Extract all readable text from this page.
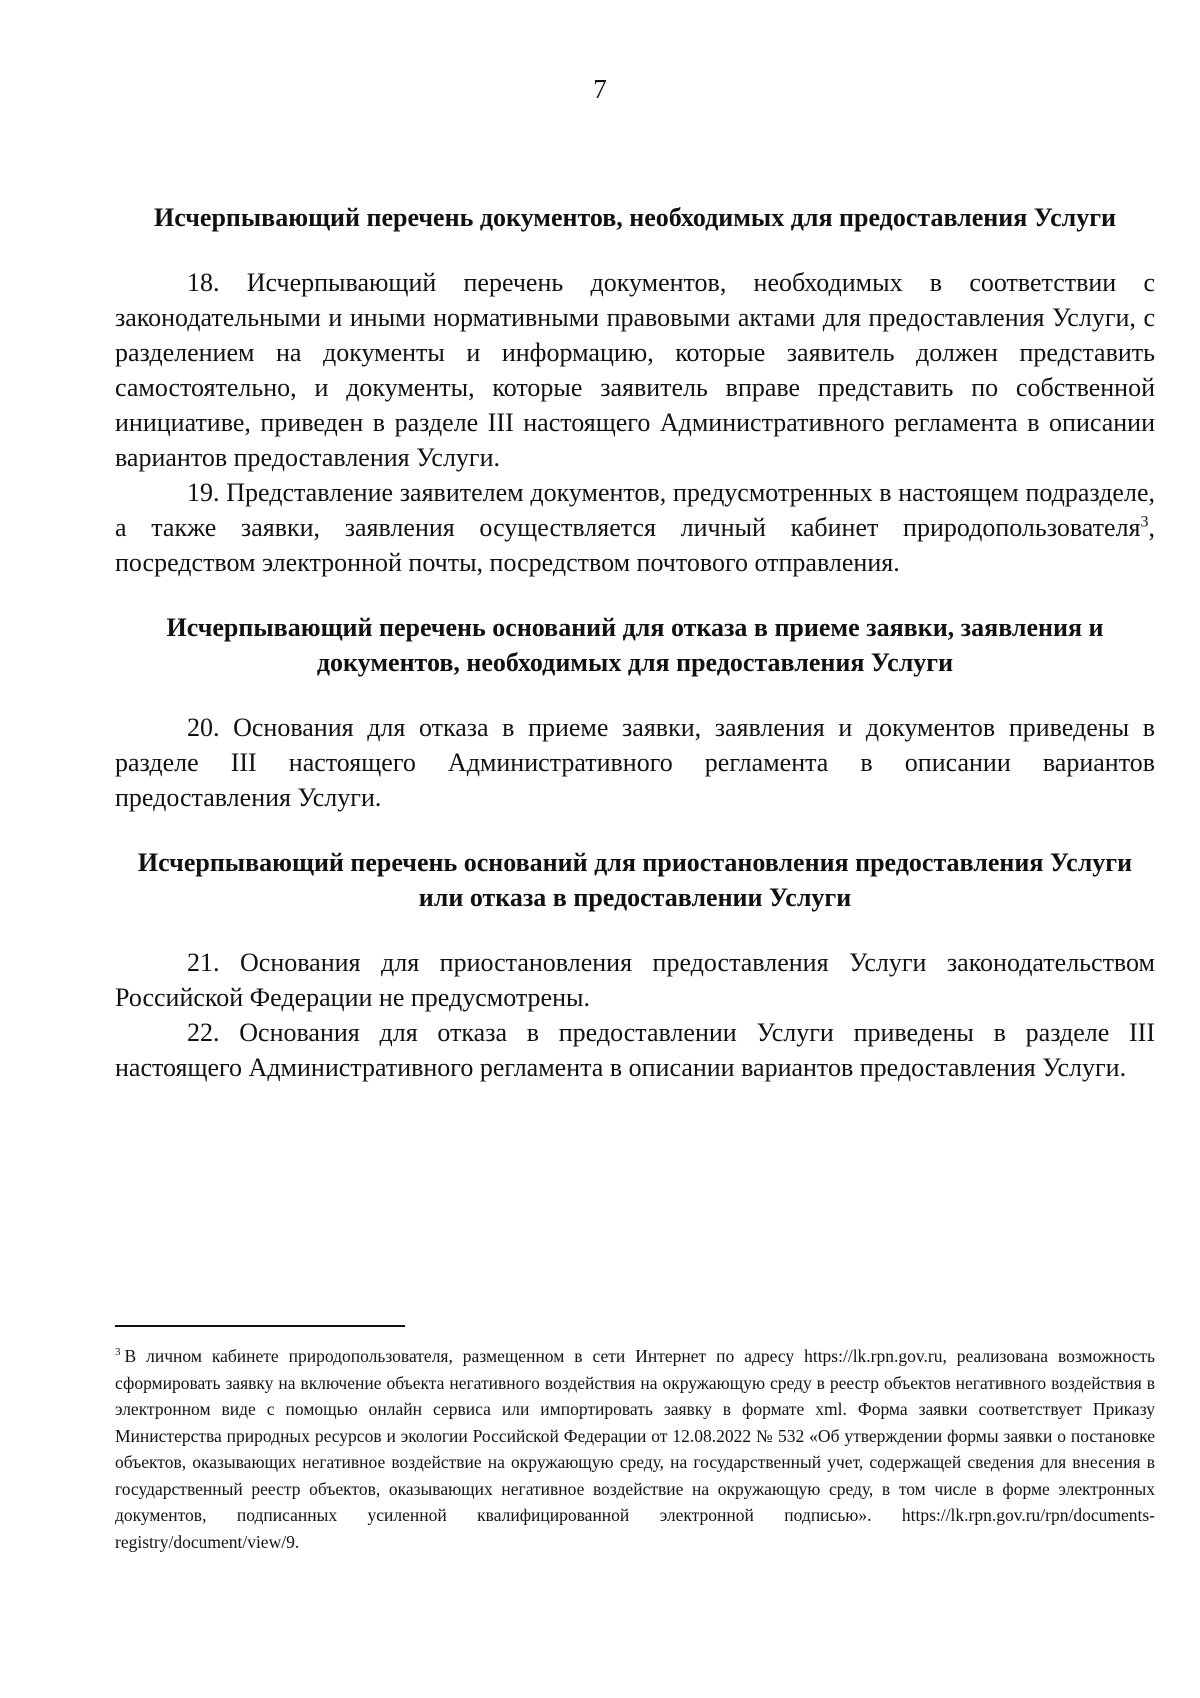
7
Исчерпывающий перечень документов, необходимых для предоставления Услуги

18. Исчерпывающий перечень документов, необходимых в соответствии с законодательными и иными нормативными правовыми актами для предоставления Услуги, с разделением на документы и информацию, которые заявитель должен представить самостоятельно, и документы, которые заявитель вправе представить по собственной инициативе, приведен в разделе III настоящего Административного регламента в описании вариантов предоставления Услуги.

19. Представление заявителем документов, предусмотренных в настоящем подразделе, а также заявки, заявления осуществляется личный кабинет природопользователя$^3$, посредством электронной почты, посредством почтового отправления.

Исчерпывающий перечень оснований для отказа в приеме заявки, заявления и документов, необходимых для предоставления Услуги

20. Основания для отказа в приеме заявки, заявления и документов приведены в разделе III настоящего Административного регламента в описании вариантов предоставления Услуги.

Исчерпывающий перечень оснований для приостановления предоставления Услуги или отказа в предоставлении Услуги

21. Основания для приостановления предоставления Услуги законодательством Российской Федерации не предусмотрены.

22. Основания для отказа в предоставлении Услуги приведены в разделе III настоящего Административного регламента в описании вариантов предоставления Услуги.

$^3$ В личном кабинете природопользователя, размещенном в сети Интернет по адресу https://lk.rpn.gov.ru, реализована возможность сформировать заявку на включение объекта негативного воздействия на окружающую среду в реестр объектов негативного воздействия в электронном виде с помощью онлайн сервиса или импортировать заявку в формате xml. Форма заявки соответствует Приказу Министерства природных ресурсов и экологии Российской Федерации от 12.08.2022 № 532 «Об утверждении формы заявки о постановке объектов, оказывающих негативное воздействие на окружающую среду, на государственный учет, содержащей сведения для внесения в государственный реестр объектов, оказывающих негативное воздействие на окружающую среду, в том числе в форме электронных документов, подписанных усиленной квалифицированной электронной подписью». https://lk.rpn.gov.ru/rpn/documents-registry/document/view/9.
